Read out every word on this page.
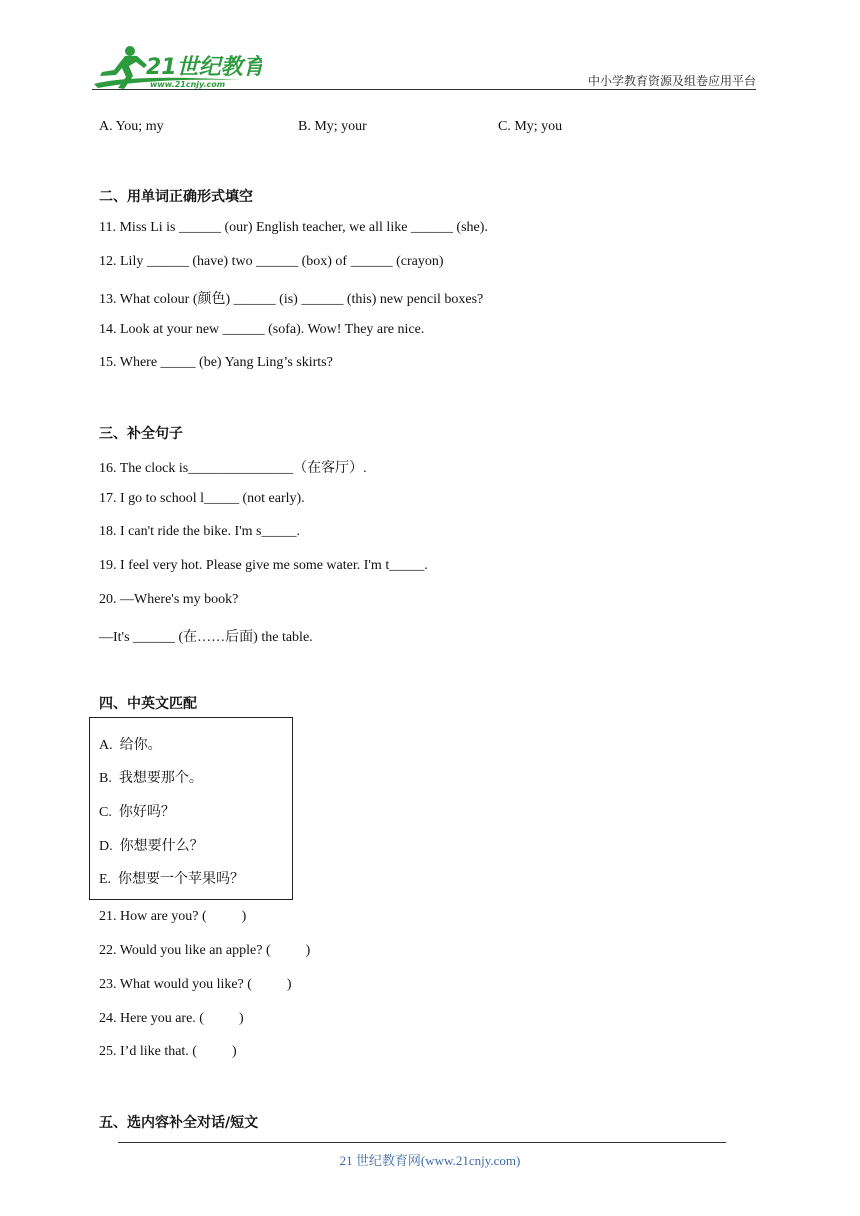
21世纪教育
www.21cnjy.com	中小学教育资源及组卷应用平台
A. You; my	B. My; your	C. My; you
二、用单词正确形式填空
11. Miss Li is ______ (our) English teacher, we all like ______ (she).
12. Lily ______ (have) two ______ (box) of ______ (crayon)
13. What colour (颜色) ______ (is) ______ (this) new pencil boxes?
14. Look at your new ______ (sofa). Wow! They are nice.
15. Where _____ (be) Yang Ling’s skirts?
三、补全句子
16. The clock is_______________（在客厅）.
17. I go to school l_____ (not early).
18. I can't ride the bike. I'm s_____.
19. I feel very hot. Please give me some water. I'm t_____.
20. —Where's my book?
—It's ______ (在……后面) the table.
四、中英文匹配
A.  给你。
B.  我想要那个。
C.  你好吗？
D.  你想要什么？
E.  你想要一个苹果吗？
21. How are you? (          )
22. Would you like an apple? (          )
23. What would you like? (          )
24. Here you are. (          )
25. I’d like that. (          )
五、选内容补全对话/短文
21 世纪教育网(www.21cnjy.com)
